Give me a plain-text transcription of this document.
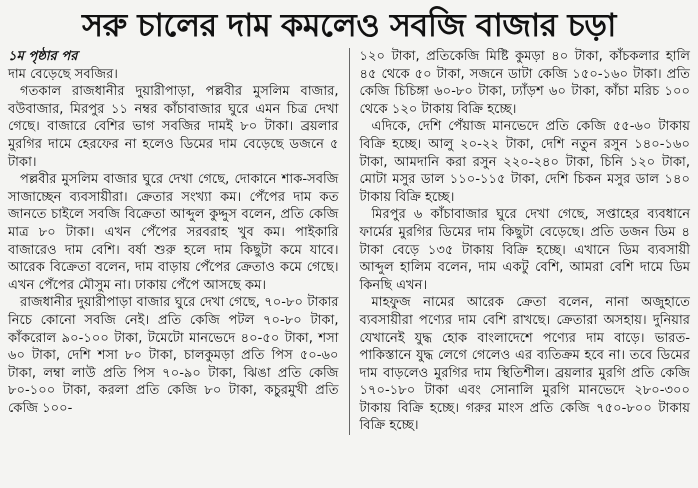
সরু চালের দাম কমলেও সবজি বাজার চড়া

১ম পৃষ্ঠার পর

দাম বেড়েছে সবজির।

গতকাল রাজধানীর দুয়ারীপাড়া, পল্লবীর মুসলিম বাজার, বউবাজার, মিরপুর ১১ নম্বর কাঁচাবাজার ঘুরে এমন চিত্র দেখা গেছে। বাজারে বেশির ভাগ সবজির দামই ৮০ টাকা। ব্রয়লার মুরগির দামে হেরফের না হলেও ডিমের দাম বেড়েছে ডজনে ৫ টাকা।

পল্লবীর মুসলিম বাজার ঘুরে দেখা গেছে, দোকানে শাক-সবজি সাজাচ্ছেন ব্যবসায়ীরা। ক্রেতার সংখ্যা কম। পেঁপের দাম কত জানতে চাইলে সবজি বিক্রেতা আব্দুল কুদ্দুস বলেন, প্রতি কেজি মাত্র ৮০ টাকা। এখন পেঁপের সরবরাহ খুব কম। পাইকারি বাজারেও দাম বেশি। বর্ষা শুরু হলে দাম কিছুটা কমে যাবে। আরেক বিক্রেতা বলেন, দাম বাড়ায় পেঁপের ক্রেতাও কমে গেছে। এখন পেঁপের মৌসুম না। ঢাকায় পেঁপে আসছে কম।

রাজধানীর দুয়ারীপাড়া বাজার ঘুরে দেখা গেছে, ৭০-৮০ টাকার নিচে কোনো সবজি নেই। প্রতি কেজি পটল ৭০-৮০ টাকা, কাঁকরোল ৯০-১০০ টাকা, টমেটো মানভেদে ৪০-৫০ টাকা, শসা ৬০ টাকা, দেশি শসা ৮০ টাকা, চালকুমড়া প্রতি পিস ৫০-৬০ টাকা, লম্বা লাউ প্রতি পিস ৭০-৯০ টাকা, ঝিঙা প্রতি কেজি ৮০-১০০ টাকা, করলা প্রতি কেজি ৮০ টাকা, কচুরমুখী প্রতি কেজি ১০০-

১২০ টাকা, প্রতিকেজি মিষ্টি কুমড়া ৪০ টাকা, কাঁচকলার হালি ৪৫ থেকে ৫০ টাকা, সজনে ডাটা কেজি ১৫০-১৬০ টাকা। প্রতি কেজি চিচিঙ্গা ৬০-৮০ টাকা, ঢ্যাঁড়শ ৬০ টাকা, কাঁচা মরিচ ১০০ থেকে ১২০ টাকায় বিক্রি হচ্ছে।

এদিকে, দেশি পেঁয়াজ মানভেদে প্রতি কেজি ৫৫-৬০ টাকায় বিক্রি হচ্ছে। আলু ২০-২২ টাকা, দেশি নতুন রসুন ১৪০-১৬০ টাকা, আমদানি করা রসুন ২২০-২৪০ টাকা, চিনি ১২০ টাকা, মোটা মসুর ডাল ১১০-১১৫ টাকা, দেশি চিকন মসুর ডাল ১৪০ টাকায় বিক্রি হচ্ছে।

মিরপুর ৬ কাঁচাবাজার ঘুরে দেখা গেছে, সপ্তাহের ব্যবধানে ফার্মের মুরগির ডিমের দাম কিছুটা বেড়েছে। প্রতি ডজন ডিম ৪ টাকা বেড়ে ১৩৫ টাকায় বিক্রি হচ্ছে। এখানে ডিম ব্যবসায়ী আব্দুল হালিম বলেন, দাম একটু বেশি, আমরা বেশি দামে ডিম কিনছি এখন।

মাহফুজ নামের আরেক ক্রেতা বলেন, নানা অজুহাতে ব্যবসায়ীরা পণ্যের দাম বেশি রাখছে। ক্রেতারা অসহায়। দুনিয়ার যেখানেই যুদ্ধ হোক বাংলাদেশে পণ্যের দাম বাড়ে। ভারত-পাকিস্তানে যুদ্ধ লেগে গেলেও এর ব্যতিক্রম হবে না। তবে ডিমের দাম বাড়লেও মুরগির দাম স্থিতিশীল। ব্রয়লার মুরগি প্রতি কেজি ১৭০-১৮০ টাকা এবং সোনালি মুরগি মানভেদে ২৮০-৩০০ টাকায় বিক্রি হচ্ছে। গরুর মাংস প্রতি কেজি ৭৫০-৮০০ টাকায় বিক্রি হচ্ছে।
